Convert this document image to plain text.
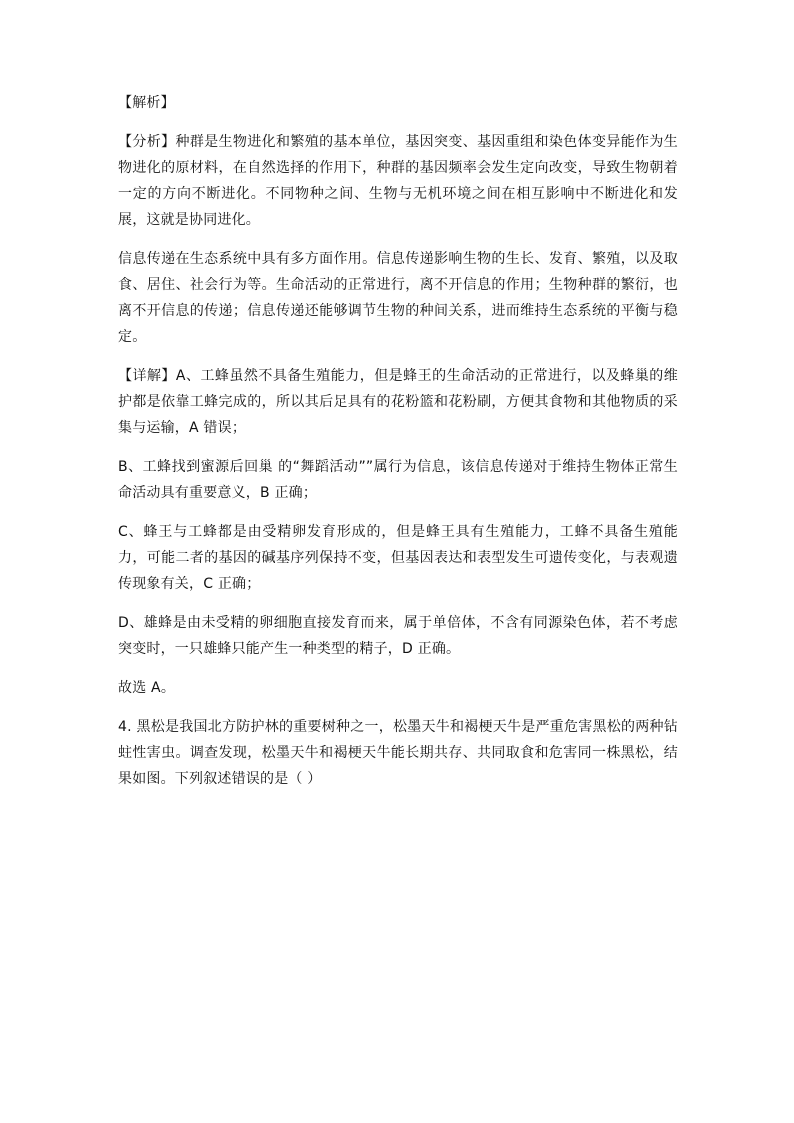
【解析】

【分析】种群是生物进化和繁殖的基本单位，基因突变、基因重组和染色体变异能作为生物进化的原材料，在自然选择的作用下，种群的基因频率会发生定向改变，导致生物朝着一定的方向不断进化。不同物种之间、生物与无机环境之间在相互影响中不断进化和发展，这就是协同进化。

信息传递在生态系统中具有多方面作用。信息传递影响生物的生长、发育、繁殖，以及取食、居住、社会行为等。生命活动的正常进行，离不开信息的作用；生物种群的繁衍，也离不开信息的传递；信息传递还能够调节生物的种间关系，进而维持生态系统的平衡与稳定。

【详解】A、工蜂虽然不具备生殖能力，但是蜂王的生命活动的正常进行，以及蜂巢的维护都是依靠工蜂完成的，所以其后足具有的花粉篮和花粉刷，方便其食物和其他物质的采集与运输，A 错误；

B、工蜂找到蜜源后回巢 的“舞蹈活动””属行为信息，该信息传递对于维持生物体正常生命活动具有重要意义，B 正确；

C、蜂王与工蜂都是由受精卵发育形成的，但是蜂王具有生殖能力，工蜂不具备生殖能力，可能二者的基因的碱基序列保持不变，但基因表达和表型发生可遗传变化，与表观遗传现象有关，C 正确；

D、雄蜂是由未受精的卵细胞直接发育而来，属于单倍体，不含有同源染色体，若不考虑突变时，一只雄蜂只能产生一种类型的精子，D 正确。

故选 A。

4. 黑松是我国北方防护林的重要树种之一，松墨天牛和褐梗天牛是严重危害黑松的两种钻蛀性害虫。调查发现，松墨天牛和褐梗天牛能长期共存、共同取食和危害同一株黑松，结果如图。下列叙述错误的是（ ）
